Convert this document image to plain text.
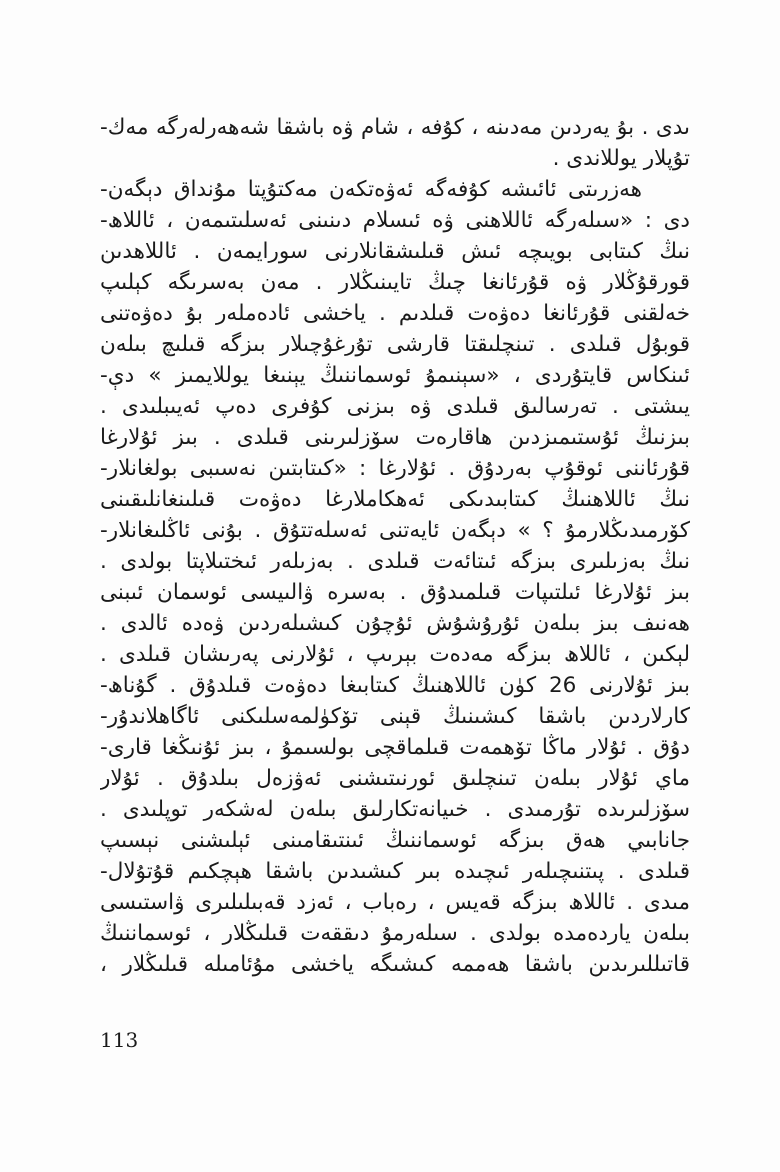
ىدى . بۇ يەردىن مەدىنە ، كۇفە ، شام ۋە باشقا شەھەرلەرگە مەك-
تۇپلار يوللاندى .
ھەزرىتى ئائىشە كۇفەگە ئەۋەتكەن مەكتۇپتا مۇنداق دېگەن-
دى : «سىلەرگە ئاللاھنى ۋە ئىسلام دىنىنى ئەسلىتىمەن ، ئاللاھ-
نىڭ كىتابى بويىچە ئىش قىلىشقانلارنى سورايمەن . ئاللاھدىن
قورقۇڭلار ۋە قۇرئانغا چىڭ تايىنىڭلار . مەن بەسرىگە كېلىپ
خەلقنى قۇرئانغا دەۋەت قىلدىم . ياخشى ئادەملەر بۇ دەۋەتنى
قوبۇل قىلدى . تىنچلىقتا قارشى تۇرغۇچىلار بىزگە قىلىچ بىلەن
ئىنكاس قايتۇردى ، «سېنىمۇ ئوسماننىڭ يېنىغا يوللايمىز » دې-
يىشتى . تەرسالىق قىلدى ۋە بىزنى كۇفرى دەپ ئەيىبلىدى .
بىزنىڭ ئۇستىمىزدىن ھاقارەت سۆزلىرىنى قىلدى . بىز ئۇلارغا
قۇرئاننى ئوقۇپ بەردۇق . ئۇلارغا : «كىتابتىن نەسىبى بولغانلار-
نىڭ ئاللاھنىڭ كىتابىدىكى ئەھكاملارغا دەۋەت قىلىنغانلىقىنى
كۆرمىدىڭلارمۇ ؟ » دېگەن ئايەتنى ئەسلەتتۇق . بۇنى ئاڭلىغانلار-
نىڭ بەزىلىرى بىزگە ئىتائەت قىلدى . بەزىلەر ئىختىلاپتا بولدى .
بىز ئۇلارغا ئىلتىپات قىلمىدۇق . بەسرە ۋالىيسى ئوسمان ئىبنى
ھەنىف بىز بىلەن ئۇرۇشۇش ئۇچۇن كىشىلەردىن ۋەدە ئالدى .
لېكىن ، ئاللاھ بىزگە مەدەت بېرىپ ، ئۇلارنى پەرىشان قىلدى .
بىز ئۇلارنى 26 كۈن ئاللاھنىڭ كىتابىغا دەۋەت قىلدۇق . گۇناھ-
كارلاردىن باشقا كىشىنىڭ قېنى تۆكۈلمەسلىكنى ئاگاھلاندۇر-
دۇق . ئۇلار ماڭا تۆھمەت قىلماقچى بولسىمۇ ، بىز ئۇنىڭغا قارى-
ماي ئۇلار بىلەن تىنچلىق ئورنىتىشنى ئەۋزەل بىلدۇق . ئۇلار
سۆزلىرىدە تۇرمىدى . خىيانەتكارلىق بىلەن لەشكەر توپلىدى .
جانابىي ھەق بىزگە ئوسماننىڭ ئىنتىقامىنى ئېلىشنى نېسىپ
قىلدى . پىتنىچىلەر ئىچىدە بىر كىشىدىن باشقا ھېچكىم قۇتۇلال-
مىدى . ئاللاھ بىزگە قەيس ، رەباب ، ئەزد قەبىلىلىرى ۋاستىسى
بىلەن ياردەمدە بولدى . سىلەرمۇ دىققەت قىلىڭلار ، ئوسماننىڭ
قاتىللىرىدىن باشقا ھەممە كىشىگە ياخشى مۇئامىلە قىلىڭلار ،
113
